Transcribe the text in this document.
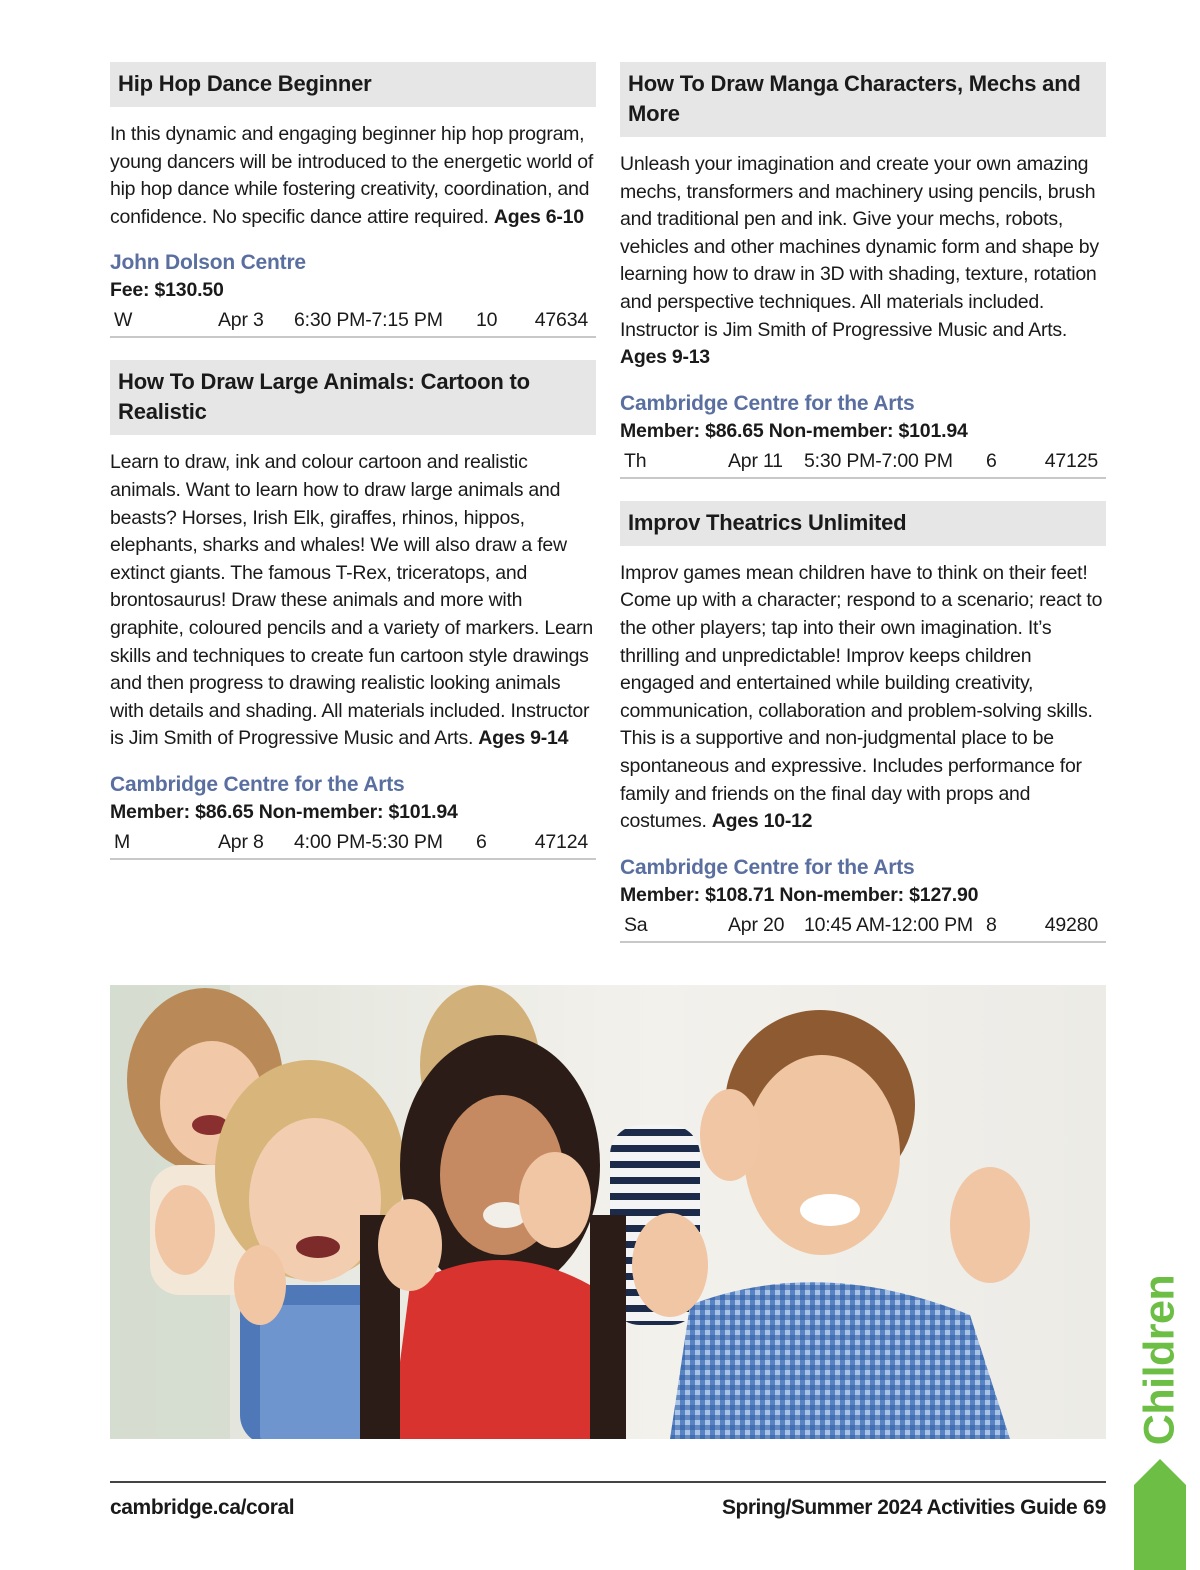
Hip Hop Dance Beginner

In this dynamic and engaging beginner hip hop program, young dancers will be introduced to the energetic world of hip hop dance while fostering creativity, coordination, and confidence. No specific dance attire required. Ages 6-10

John Dolson Centre
Fee: $130.50
W	Apr 3	6:30 PM-7:15 PM	10	47634
How To Draw Large Animals: Cartoon to Realistic

Learn to draw, ink and colour cartoon and realistic animals. Want to learn how to draw large animals and beasts? Horses, Irish Elk, giraffes, rhinos, hippos, elephants, sharks and whales! We will also draw a few extinct giants. The famous T-Rex, triceratops, and brontosaurus! Draw these animals and more with graphite, coloured pencils and a variety of markers. Learn skills and techniques to create fun cartoon style drawings and then progress to drawing realistic looking animals with details and shading. All materials included. Instructor is Jim Smith of Progressive Music and Arts. Ages 9-14

Cambridge Centre for the Arts
Member: $86.65 Non-member: $101.94
M	Apr 8	4:00 PM-5:30 PM	6	47124
How To Draw Manga Characters, Mechs and More

Unleash your imagination and create your own amazing mechs, transformers and machinery using pencils, brush and traditional pen and ink. Give your mechs, robots, vehicles and other machines dynamic form and shape by learning how to draw in 3D with shading, texture, rotation and perspective techniques. All materials included. Instructor is Jim Smith of Progressive Music and Arts. Ages 9-13

Cambridge Centre for the Arts
Member: $86.65 Non-member: $101.94
Th	Apr 11	5:30 PM-7:00 PM	6	47125
Improv Theatrics Unlimited

Improv games mean children have to think on their feet! Come up with a character; respond to a scenario; react to the other players; tap into their own imagination. It’s thrilling and unpredictable! Improv keeps children engaged and entertained while building creativity, communication, collaboration and problem-solving skills. This is a supportive and non-judgmental place to be spontaneous and expressive. Includes performance for family and friends on the final day with props and costumes. Ages 10-12

Cambridge Centre for the Arts
Member: $108.71 Non-member: $127.90
Sa	Apr 20	10:45 AM-12:00 PM 8	49280
cambridge.ca/coral	Spring/Summer 2024 Activities Guide 69
Children
